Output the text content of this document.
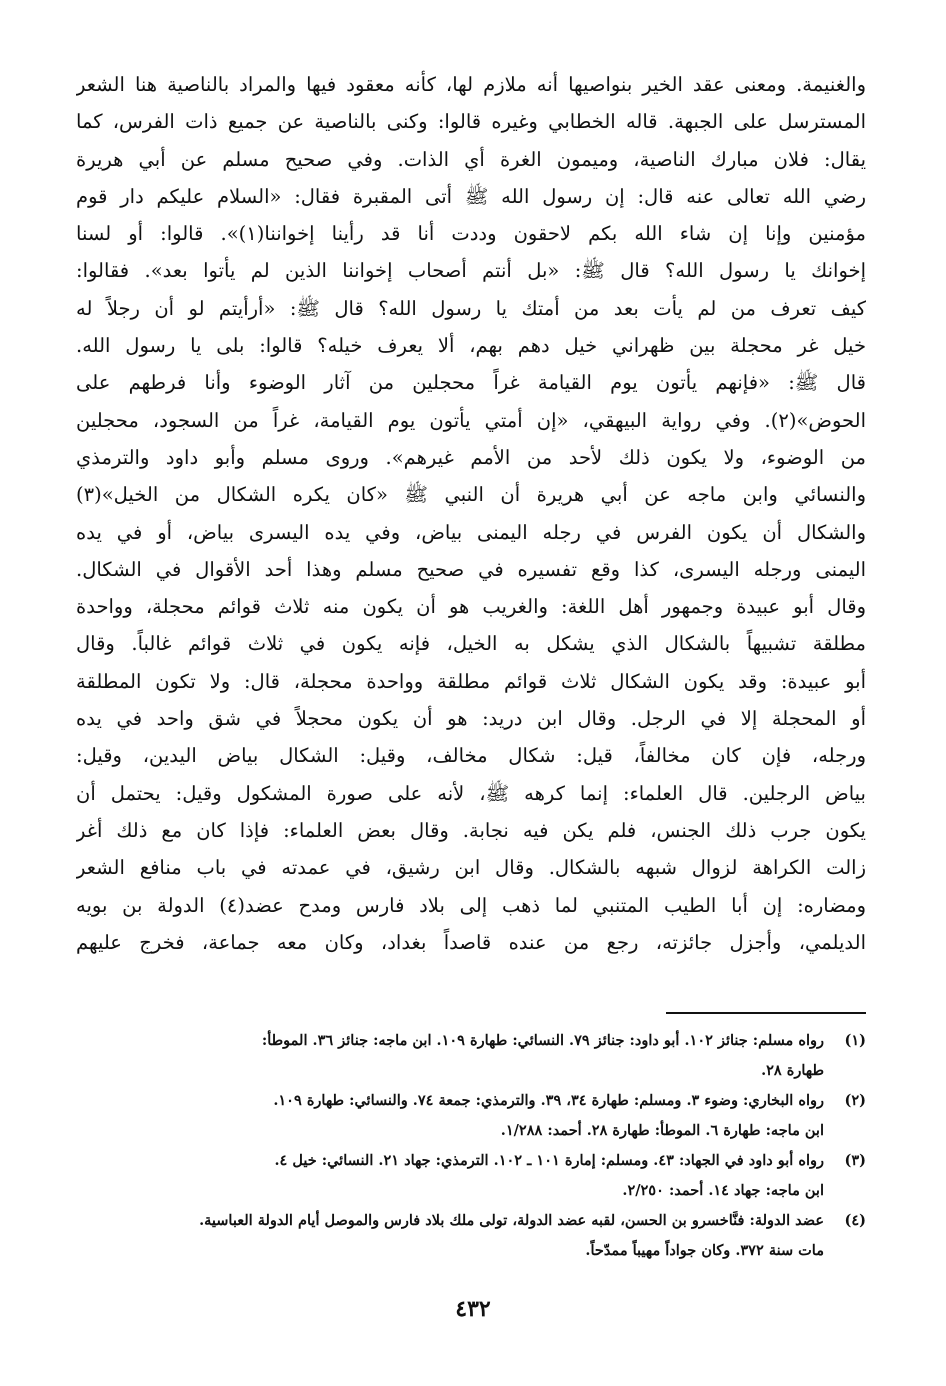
والغنيمة. ومعنى عقد الخير بنواصيها أنه ملازم لها، كأنه معقود فيها والمراد بالناصية هنا الشعر
المسترسل على الجبهة. قاله الخطابي وغيره قالوا: وكنى بالناصية عن جميع ذات الفرس، كما
يقال: فلان مبارك الناصية، وميمون الغرة أي الذات. وفي صحيح مسلم عن أبي هريرة
رضي الله تعالى عنه قال: إن رسول الله ﷺ أتى المقبرة فقال: «السلام عليكم دار قوم
مؤمنين وإنا إن شاء الله بكم لاحقون وددت أنا قد رأينا إخواننا(١)». قالوا: أو لسنا
إخوانك يا رسول الله؟ قال ﷺ: «بل أنتم أصحاب إخواننا الذين لم يأتوا بعد». فقالوا:
كيف تعرف من لم يأت بعد من أمتك يا رسول الله؟ قال ﷺ: «أرأيتم لو أن رجلاً له
خيل غر محجلة بين ظهراني خيل دهم بهم، ألا يعرف خيله؟ قالوا: بلى يا رسول الله.
قال ﷺ: «فإنهم يأتون يوم القيامة غراً محجلين من آثار الوضوء وأنا فرطهم على
الحوض»(٢). وفي رواية البيهقي، «إن أمتي يأتون يوم القيامة، غراً من السجود، محجلين
من الوضوء، ولا يكون ذلك لأحد من الأمم غيرهم». وروى مسلم وأبو داود والترمذي
والنسائي وابن ماجه عن أبي هريرة أن النبي ﷺ «كان يكره الشكال من الخيل»(٣)
والشكال أن يكون الفرس في رجله اليمنى بياض، وفي يده اليسرى بياض، أو في يده
اليمنى ورجله اليسرى، كذا وقع تفسيره في صحيح مسلم وهذا أحد الأقوال في الشكال.
وقال أبو عبيدة وجمهور أهل اللغة: والغريب هو أن يكون منه ثلاث قوائم محجلة، وواحدة
مطلقة تشبيهاً بالشكال الذي يشكل به الخيل، فإنه يكون في ثلاث قوائم غالباً. وقال
أبو عبيدة: وقد يكون الشكال ثلاث قوائم مطلقة وواحدة محجلة، قال: ولا تكون المطلقة
أو المحجلة إلا في الرجل. وقال ابن دريد: هو أن يكون محجلاً في شق واحد في يده
ورجله، فإن كان مخالفاً، قيل: شكال مخالف، وقيل: الشكال بياض اليدين، وقيل:
بياض الرجلين. قال العلماء: إنما كرهه ﷺ، لأنه على صورة المشكول وقيل: يحتمل أن
يكون جرب ذلك الجنس، فلم يكن فيه نجابة. وقال بعض العلماء: فإذا كان مع ذلك أغر
زالت الكراهة لزوال شبهه بالشكال. وقال ابن رشيق، في عمدته في باب منافع الشعر
ومضاره: إن أبا الطيب المتنبي لما ذهب إلى بلاد فارس ومدح عضد(٤) الدولة بن بويه
الديلمي، وأجزل جائزته، رجع من عنده قاصداً بغداد، وكان معه جماعة، فخرج عليهم
(١)
رواه مسلم: جنائز ١٠٢. أبو داود: جنائز ٧٩. النسائي: طهارة ١٠٩. ابن ماجه: جنائز ٣٦. الموطأ:
طهارة ٢٨.
(٢)
رواه البخاري: وضوء ٣. ومسلم: طهارة ٣٤، ٣٩. والترمذي: جمعة ٧٤. والنسائي: طهارة ١٠٩.
ابن ماجه: طهارة ٦. الموطأ: طهارة ٢٨. أحمد: ١/٢٨٨.
(٣)
رواه أبو داود في الجهاد: ٤٣. ومسلم: إمارة ١٠١ ـ ١٠٢. الترمذي: جهاد ٢١. النسائي: خيل ٤.
ابن ماجه: جهاد ١٤. أحمد: ٢/٢٥٠.
(٤)
عضد الدولة: فنَّاخسرو بن الحسن، لقبه عضد الدولة، تولى ملك بلاد فارس والموصل أيام الدولة العباسية.
مات سنة ٣٧٢. وكان جواداً مهيباً ممدّحاً.
٤٣٢
